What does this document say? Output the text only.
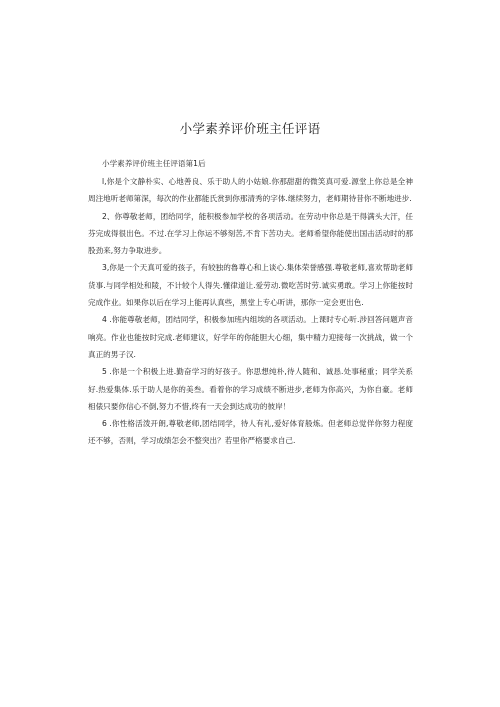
小学素养评价班主任评语
小学素养评价班主任评语第1后

l,你是个文静朴实、心地善良、乐于助人的小姑娘.你那甜甜的微笑真可爱.源堂上你总是全神周注地听老师第深，每次的作业都能氏赏到你那清秀的字体.继续努力，老师期待昔你不断地进步.

2、你尊敬老师，团给同学，能积极参加学校的各项活动。在劳动中你总是干得满头大汗，任芬完成得很出色。不过.在学习上你运不够刻苦,不肯下苦功夫。老师希望你能使出国击活动时的那股劲来,努力争取进步。

3,你是一个天真可爱的孩子，有较独的魯尊心和上谈心.集体荣誉感强.尊敬老师,喜欢帮助老师货事.与同学相处和陵，不计较个人得失.懂律道让.爱劳动.微吃苦时劳.诚实勇敢。学习上你能按时完成作业。如果你以后在学习上能再认真些，黑堂上专心听讲，那你一定会更出色.

4 .你能尊敬老师，团结同学，积极参加班内组埃的各项活动。上课时专心听.涉回答问题声音响亮。作业也能按时完成.老师建议，好学年的你能胆大心细，集中精力迎接每一次挑战，做一个真正的男子汉.

5 .你是一个积极上进.勤奋学习的好孩子。你思想纯朴,待人随和、诚恳.处事秘重；同学关系好.热爱集体.乐于助人是你的美叁。看着你的学习成绩不断进步,老师为你高兴，为你自豪。老师相俵只要你信心不倒,努力不惜,终有一天会到达成功的彼岸！

6 .你性格活泼开朗,尊敬老师,团结同学，待人有礼,爱好体育般炼。但老师总觉佯你努力程度还不够，否则，学习成绩怎会不整突出？若里你严格要求自己.
